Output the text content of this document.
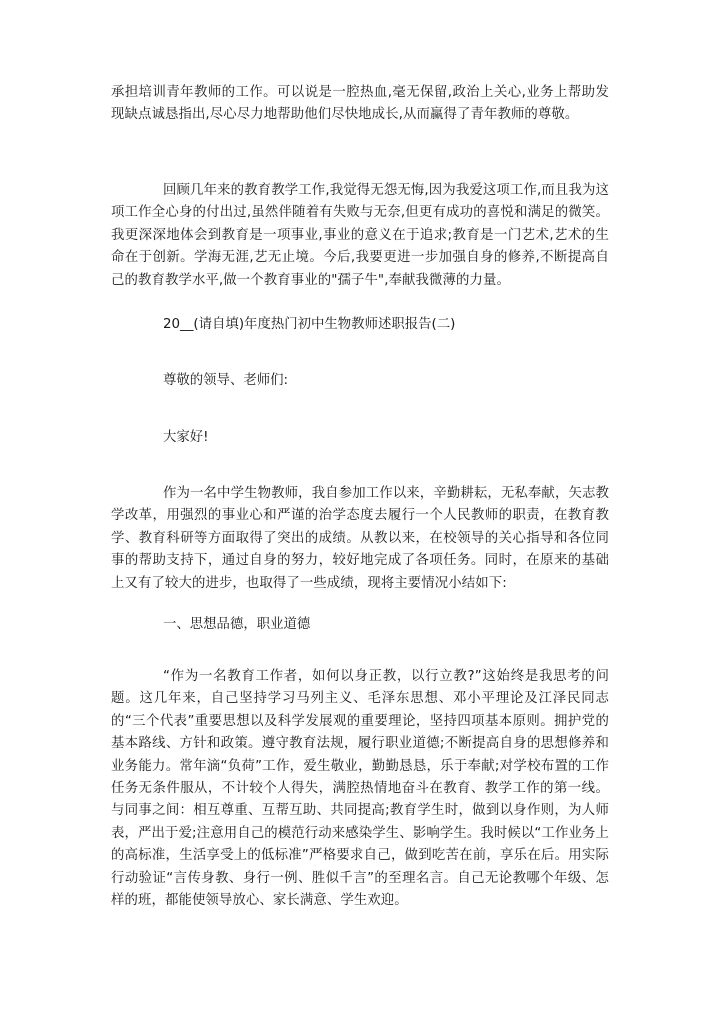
承担培训青年教师的工作。可以说是一腔热血,毫无保留,政治上关心,业务上帮助发现缺点诚恳指出,尽心尽力地帮助他们尽快地成长,从而赢得了青年教师的尊敬。

回顾几年来的教育教学工作,我觉得无怨无悔,因为我爱这项工作,而且我为这项工作全心身的付出过,虽然伴随着有失败与无奈,但更有成功的喜悦和满足的微笑。我更深深地体会到教育是一项事业,事业的意义在于追求;教育是一门艺术,艺术的生命在于创新。学海无涯,艺无止境。今后,我要更进一步加强自身的修养,不断提高自己的教育教学水平,做一个教育事业的"孺子牛",奉献我微薄的力量。

20__(请自填)年度热门初中生物教师述职报告(二)

尊敬的领导、老师们:

大家好!

作为一名中学生物教师，我自参加工作以来，辛勤耕耘，无私奉献，矢志教学改革，用强烈的事业心和严谨的治学态度去履行一个人民教师的职责，在教育教学、教育科研等方面取得了突出的成绩。从教以来，在校领导的关心指导和各位同事的帮助支持下，通过自身的努力，较好地完成了各项任务。同时，在原来的基础上又有了较大的进步，也取得了一些成绩，现将主要情况小结如下:

一、思想品德，职业道德

“作为一名教育工作者，如何以身正教，以行立教?”这始终是我思考的问题。这几年来，自己坚持学习马列主义、毛泽东思想、邓小平理论及江泽民同志的“三个代表”重要思想以及科学发展观的重要理论，坚持四项基本原则。拥护党的基本路线、方针和政策。遵守教育法规，履行职业道德;不断提高自身的思想修养和业务能力。常年滴“负荷”工作，爱生敬业，勤勤恳恳，乐于奉献;对学校布置的工作任务无条件服从，不计较个人得失，满腔热情地奋斗在教育、教学工作的第一线。与同事之间：相互尊重、互帮互助、共同提高;教育学生时，做到以身作则，为人师表，严出于爱;注意用自己的模范行动来感染学生、影响学生。我时候以“工作业务上的高标准，生活享受上的低标准”严格要求自己，做到吃苦在前，享乐在后。用实际行动验证“言传身教、身行一例、胜似千言”的至理名言。自己无论教哪个年级、怎样的班，都能使领导放心、家长满意、学生欢迎。
